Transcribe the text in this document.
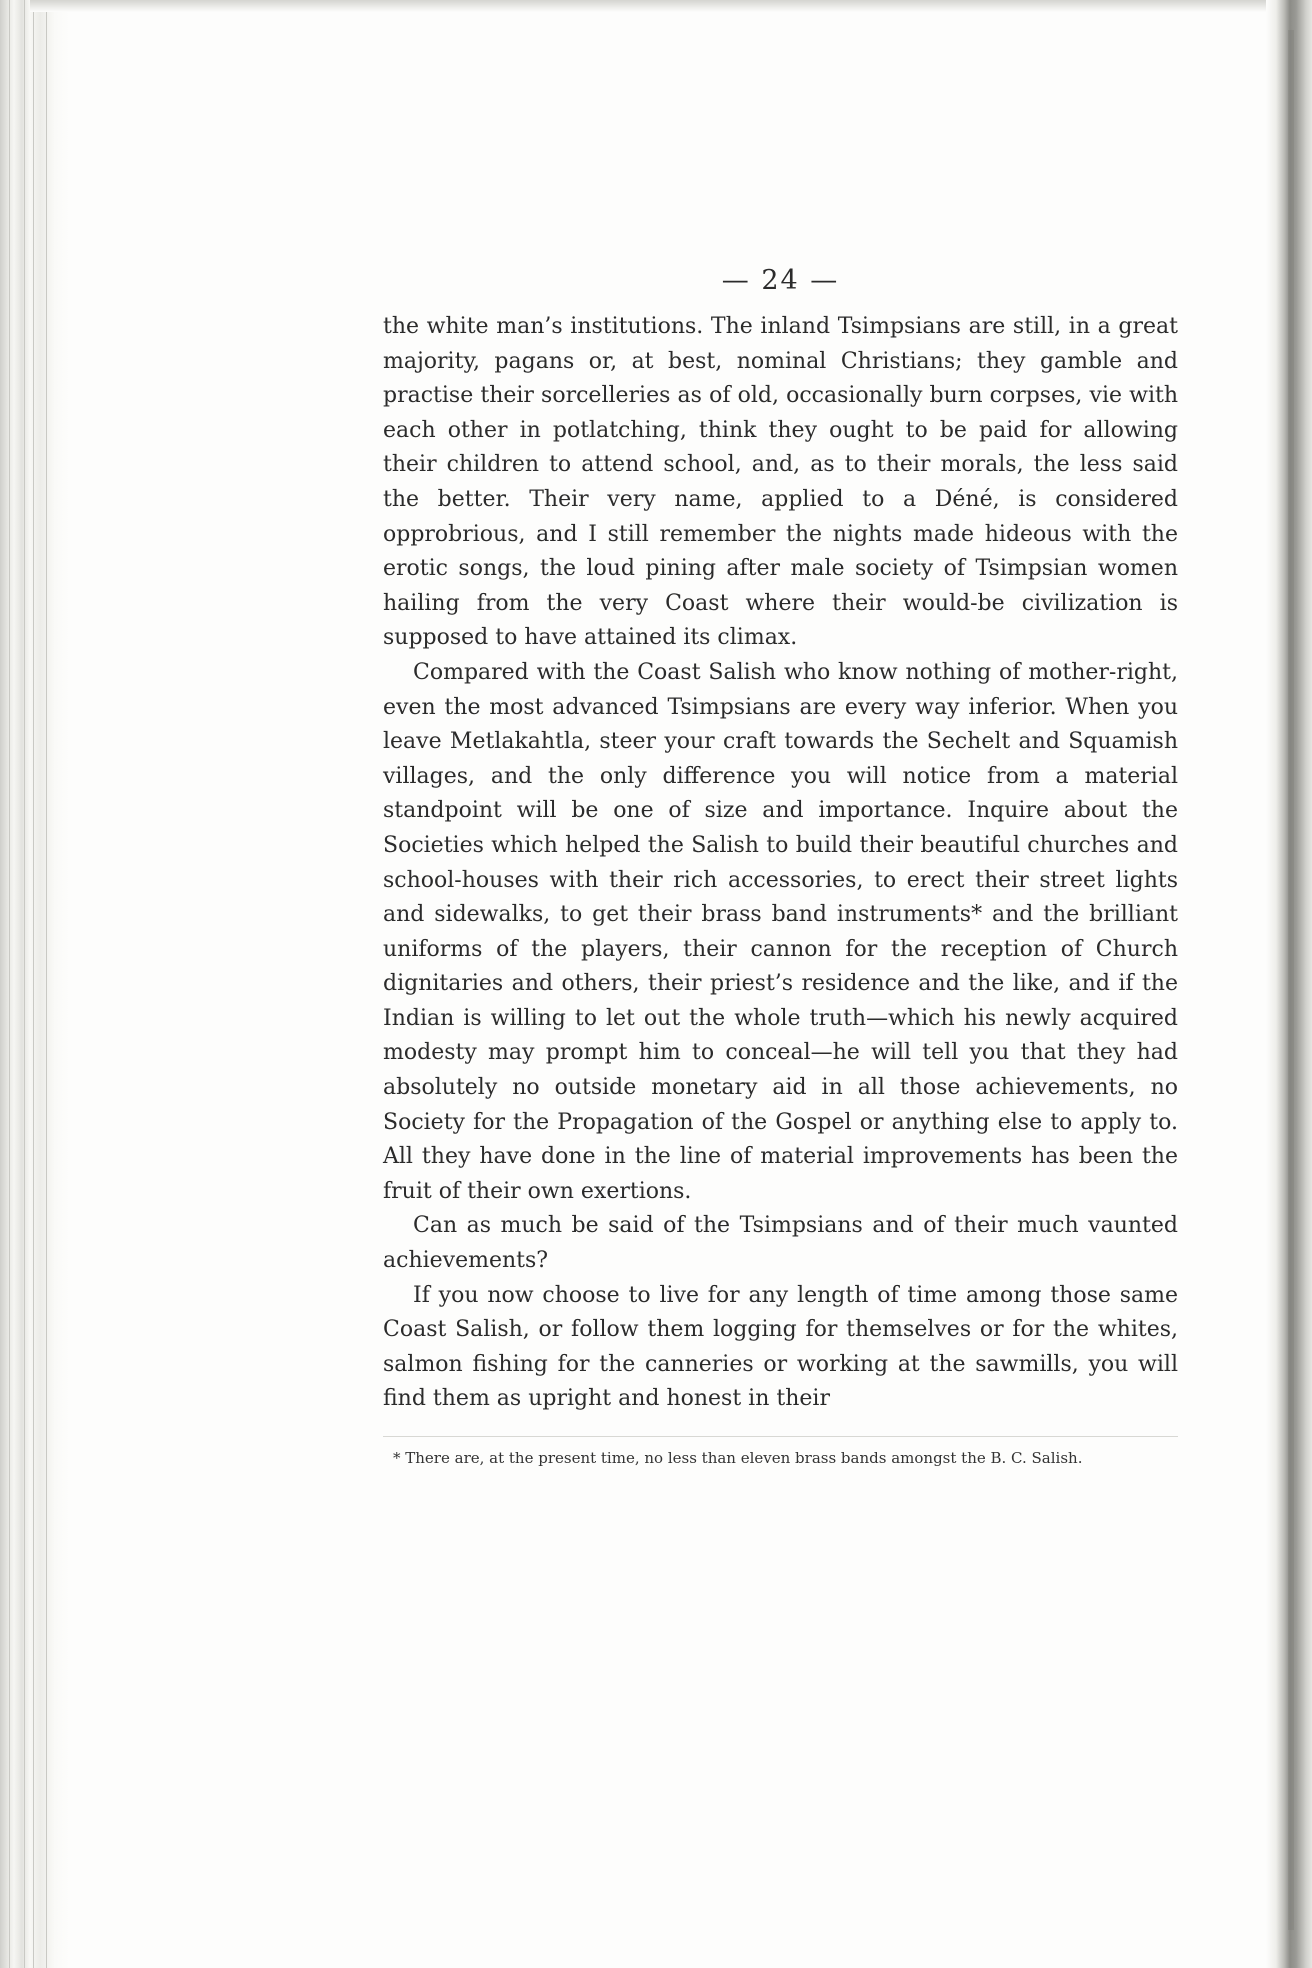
— 24 —

the white man’s institutions. The inland Tsimpsians are still, in a great majority, pagans or, at best, nominal Christians; they gamble and practise their sorcelleries as of old, occasionally burn corpses, vie with each other in potlatching, think they ought to be paid for allowing their children to attend school, and, as to their morals, the less said the better. Their very name, applied to a Déné, is considered opprobrious, and I still remember the nights made hideous with the erotic songs, the loud pining after male society of Tsimpsian women hailing from the very Coast where their would-be civilization is supposed to have attained its climax.

Compared with the Coast Salish who know nothing of mother-right, even the most advanced Tsimpsians are every way inferior. When you leave Metlakahtla, steer your craft towards the Sechelt and Squamish villages, and the only difference you will notice from a material standpoint will be one of size and importance. Inquire about the Societies which helped the Salish to build their beautiful churches and school-houses with their rich accessories, to erect their street lights and sidewalks, to get their brass band instruments* and the brilliant uniforms of the players, their cannon for the reception of Church dignitaries and others, their priest’s residence and the like, and if the Indian is willing to let out the whole truth—which his newly acquired modesty may prompt him to conceal—he will tell you that they had absolutely no outside monetary aid in all those achievements, no Society for the Propagation of the Gospel or anything else to apply to. All they have done in the line of material improvements has been the fruit of their own exertions.

Can as much be said of the Tsimpsians and of their much vaunted achievements?

If you now choose to live for any length of time among those same Coast Salish, or follow them logging for themselves or for the whites, salmon fishing for the canneries or working at the sawmills, you will find them as upright and honest in their

* There are, at the present time, no less than eleven brass bands amongst the B. C. Salish.
